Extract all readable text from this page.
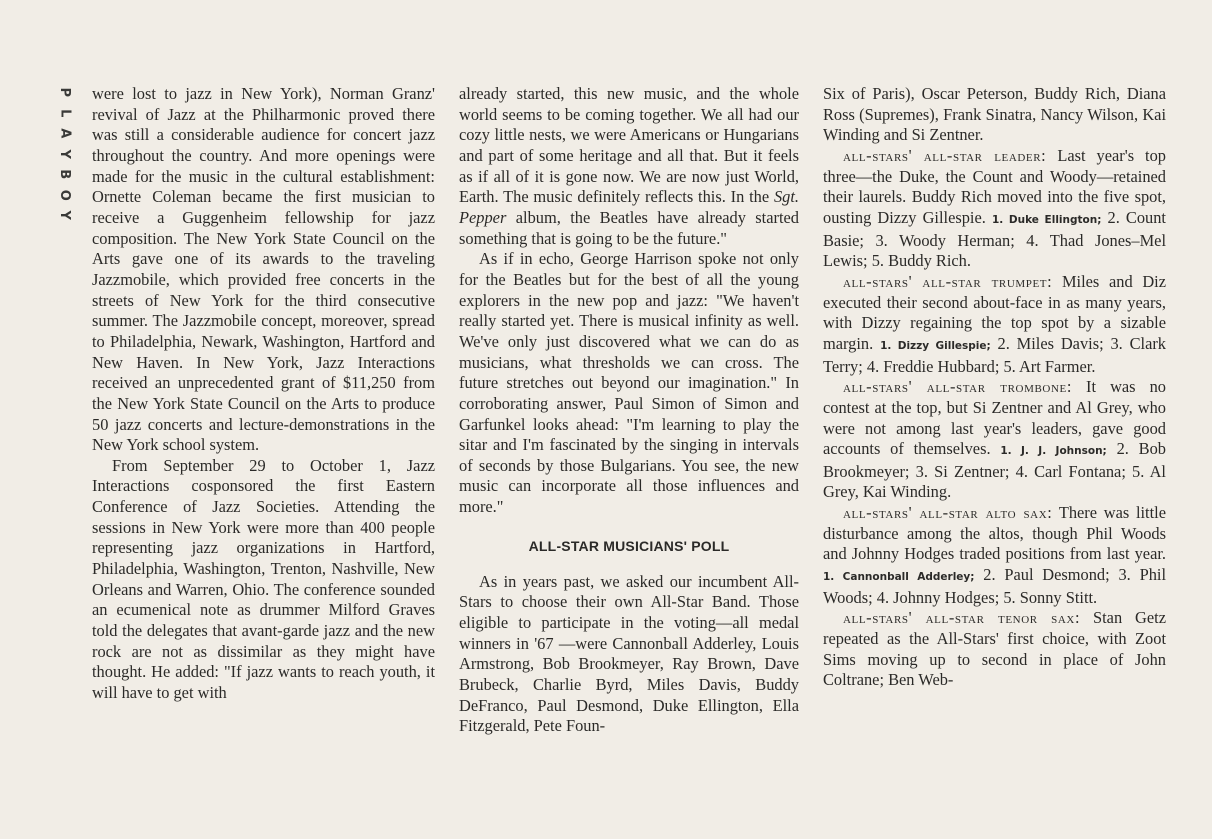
P
L
A
Y
B
O
Y

were lost to jazz in New York), Norman Granz' revival of Jazz at the Philharmonic proved there was still a considerable audience for concert jazz throughout the country. And more openings were made for the music in the cultural establishment: Ornette Coleman became the first musician to receive a Guggenheim fellowship for jazz composition. The New York State Council on the Arts gave one of its awards to the traveling Jazzmobile, which provided free concerts in the streets of New York for the third consecutive summer. The Jazzmobile concept, moreover, spread to Philadelphia, Newark, Washington, Hartford and New Haven. In New York, Jazz Interactions received an unprecedented grant of $11,250 from the New York State Council on the Arts to produce 50 jazz concerts and lecture-demonstrations in the New York school system.

From September 29 to October 1, Jazz Interactions cosponsored the first Eastern Conference of Jazz Societies. Attending the sessions in New York were more than 400 people representing jazz organizations in Hartford, Philadelphia, Washington, Trenton, Nashville, New Orleans and Warren, Ohio. The conference sounded an ecumenical note as drummer Milford Graves told the delegates that avant-garde jazz and the new rock are not as dissimilar as they might have thought. He added: "If jazz wants to reach youth, it will have to get with

already started, this new music, and the whole world seems to be coming together. We all had our cozy little nests, we were Americans or Hungarians and part of some heritage and all that. But it feels as if all of it is gone now. We are now just World, Earth. The music definitely reflects this. In the Sgt. Pepper album, the Beatles have already started something that is going to be the future."

As if in echo, George Harrison spoke not only for the Beatles but for the best of all the young explorers in the new pop and jazz: "We haven't really started yet. There is musical infinity as well. We've only just discovered what we can do as musicians, what thresholds we can cross. The future stretches out beyond our imagination." In corroborating answer, Paul Simon of Simon and Garfunkel looks ahead: "I'm learning to play the sitar and I'm fascinated by the singing in intervals of seconds by those Bulgarians. You see, the new music can incorporate all those influences and more."

ALL-STAR MUSICIANS' POLL

As in years past, we asked our incumbent All-Stars to choose their own All-Star Band. Those eligible to participate in the voting—all medal winners in '67 —were Cannonball Adderley, Louis Armstrong, Bob Brookmeyer, Ray Brown, Dave Brubeck, Charlie Byrd, Miles Davis, Buddy DeFranco, Paul Desmond, Duke Ellington, Ella Fitzgerald, Pete Foun-

Six of Paris), Oscar Peterson, Buddy Rich, Diana Ross (Supremes), Frank Sinatra, Nancy Wilson, Kai Winding and Si Zentner.

all-stars' all-star leader: Last year's top three—the Duke, the Count and Woody—retained their laurels. Buddy Rich moved into the five spot, ousting Dizzy Gillespie. 1. Duke Ellington; 2. Count Basie; 3. Woody Herman; 4. Thad Jones–Mel Lewis; 5. Buddy Rich.

all-stars' all-star trumpet: Miles and Diz executed their second about-face in as many years, with Dizzy regaining the top spot by a sizable margin. 1. Dizzy Gillespie; 2. Miles Davis; 3. Clark Terry; 4. Freddie Hubbard; 5. Art Farmer.

all-stars' all-star trombone: It was no contest at the top, but Si Zentner and Al Grey, who were not among last year's leaders, gave good accounts of themselves. 1. J. J. Johnson; 2. Bob Brookmeyer; 3. Si Zentner; 4. Carl Fontana; 5. Al Grey, Kai Winding.

all-stars' all-star alto sax: There was little disturbance among the altos, though Phil Woods and Johnny Hodges traded positions from last year. 1. Cannonball Adderley; 2. Paul Desmond; 3. Phil Woods; 4. Johnny Hodges; 5. Sonny Stitt.

all-stars' all-star tenor sax: Stan Getz repeated as the All-Stars' first choice, with Zoot Sims moving up to second in place of John Coltrane; Ben Web-
